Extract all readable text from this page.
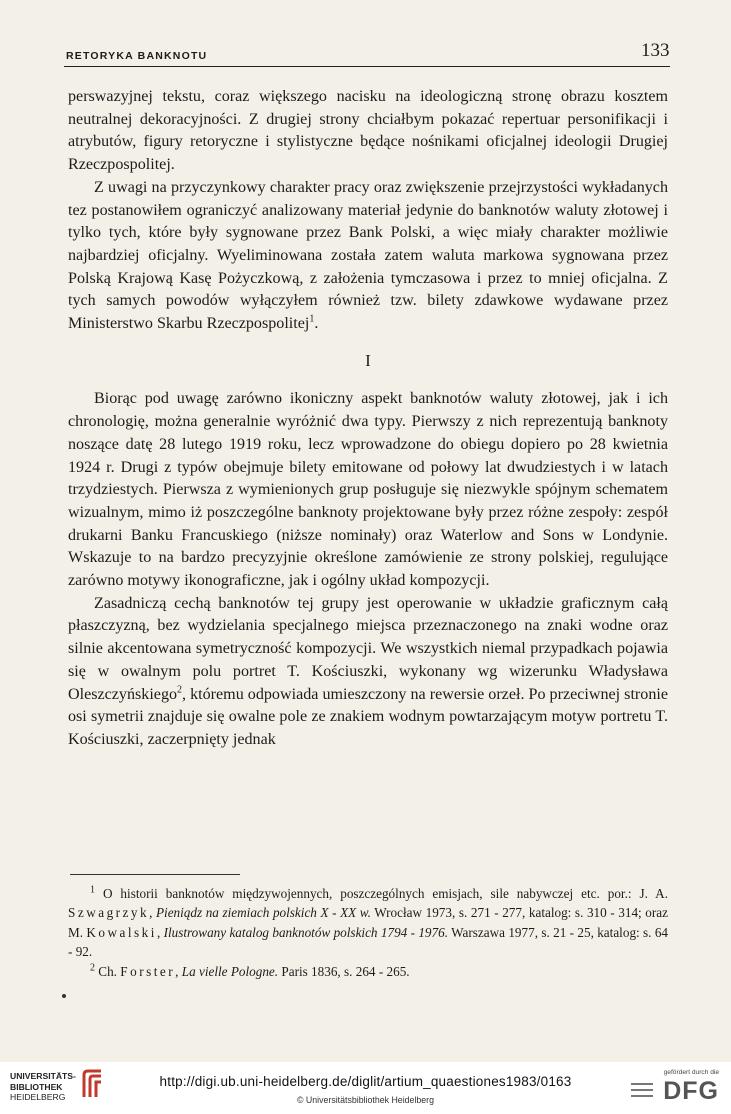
RETORYKA BANKNOTU	133

perswazyjnej tekstu, coraz większego nacisku na ideologiczną stronę obrazu kosztem neutralnej dekoracyjności. Z drugiej strony chciałbym pokazać repertuar personifikacji i atrybutów, figury retoryczne i stylistyczne będące nośnikami oficjalnej ideologii Drugiej Rzeczpospolitej.

Z uwagi na przyczynkowy charakter pracy oraz zwiększenie przejrzystości wykładanych tez postanowiłem ograniczyć analizowany materiał jedynie do banknotów waluty złotowej i tylko tych, które były sygnowane przez Bank Polski, a więc miały charakter możliwie najbardziej oficjalny. Wyeliminowana została zatem waluta markowa sygnowana przez Polską Krajową Kasę Pożyczkową, z założenia tymczasowa i przez to mniej oficjalna. Z tych samych powodów wyłączyłem również tzw. bilety zdawkowe wydawane przez Ministerstwo Skarbu Rzeczpospolitej$^1$.

I

Biorąc pod uwagę zarówno ikoniczny aspekt banknotów waluty złotowej, jak i ich chronologię, można generalnie wyróżnić dwa typy. Pierwszy z nich reprezentują banknoty noszące datę 28 lutego 1919 roku, lecz wprowadzone do obiegu dopiero po 28 kwietnia 1924 r. Drugi z typów obejmuje bilety emitowane od połowy lat dwudziestych i w latach trzydziestych. Pierwsza z wymienionych grup posługuje się niezwykle spójnym schematem wizualnym, mimo iż poszczególne banknoty projektowane były przez różne zespoły: zespół drukarni Banku Francuskiego (niższe nominały) oraz Waterlow and Sons w Londynie. Wskazuje to na bardzo precyzyjnie określone zamówienie ze strony polskiej, regulujące zarówno motywy ikonograficzne, jak i ogólny układ kompozycji.

Zasadniczą cechą banknotów tej grupy jest operowanie w układzie graficznym całą płaszczyzną, bez wydzielania specjalnego miejsca przeznaczonego na znaki wodne oraz silnie akcentowana symetryczność kompozycji. We wszystkich niemal przypadkach pojawia się w owalnym polu portret T. Kościuszki, wykonany wg wizerunku Władysława Oleszczyńskiego$^2$, któremu odpowiada umieszczony na rewersie orzeł. Po przeciwnej stronie osi symetrii znajduje się owalne pole ze znakiem wodnym powtarzającym motyw portretu T. Kościuszki, zaczerpnięty jednak

$^1$ O historii banknotów międzywojennych, poszczególnych emisjach, sile nabywczej etc. por.: J. A. Szwagrzyk, Pieniądz na ziemiach polskich X - XX w. Wrocław 1973, s. 271 - 277, katalog: s. 310 - 314; oraz M. Kowalski, Ilustrowany katalog banknotów polskich 1794 - 1976. Warszawa 1977, s. 21 - 25, katalog: s. 64 - 92.

$^2$ Ch. Forster, La vielle Pologne. Paris 1836, s. 264 - 265.

UNIVERSITÄTS-
BIBLIOTHEK
HEIDELBERG
http://digi.ub.uni-heidelberg.de/diglit/artium_quaestiones1983/0163
© Universitätsbibliothek Heidelberg
gefördert durch die
DFG
